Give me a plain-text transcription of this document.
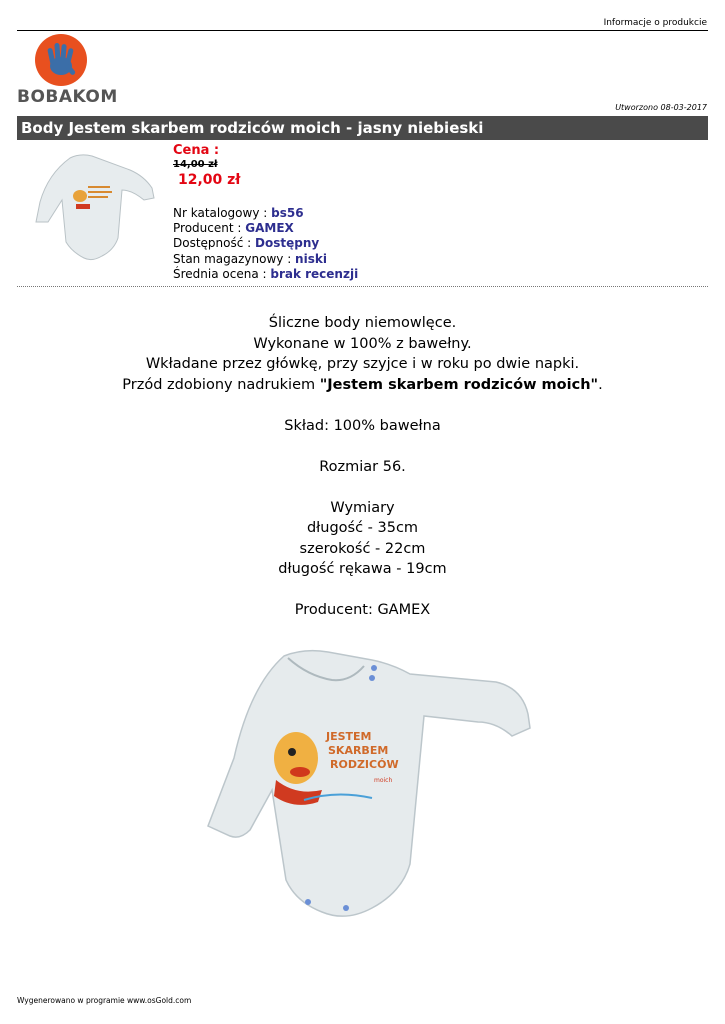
Informacje o produkcie
BOBAKOM
Utworzono 08-03-2017
Body Jestem skarbem rodziców moich - jasny niebieski
Cena :
14,00 zł
12,00 zł
Nr katalogowy : bs56
Producent : GAMEX
Dostępność : Dostępny
Stan magazynowy : niski
Średnia ocena : brak recenzji

Śliczne body niemowlęce.

Wykonane w 100% z bawełny.

Wkładane przez główkę, przy szyjce i w roku po dwie napki.

Przód zdobiony nadrukiem "Jestem skarbem rodziców moich".

Skład: 100% bawełna

Rozmiar 56.

Wymiary

długość - 35cm

szerokość - 22cm

długość rękawa - 19cm

Producent: GAMEX

JESTEM
SKARBEM
RODZICÓW
moich
Wygenerowano w programie www.osGold.com
